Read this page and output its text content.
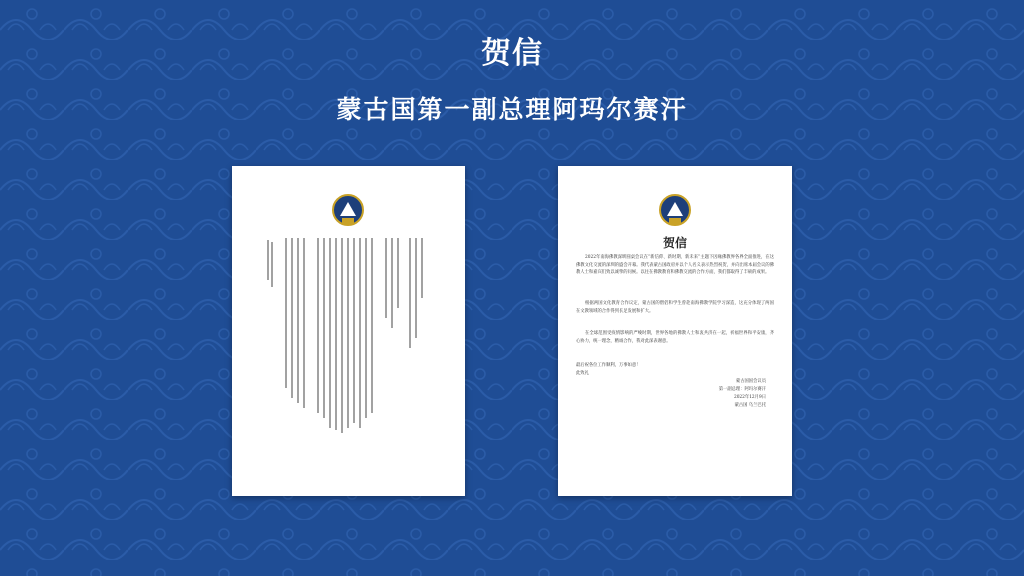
贺信
蒙古国第一副总理阿玛尔赛汗
贺信
2022年南海佛教深圳圆桌会议在“新信仰、新时期、新未来”主题下因缘佛教界各界全面推进，在这佛教文化交流的深圳的盛会开幕。我代表蒙古国政府并以个人名义表示热烈祝贺，并向出席本届会议的佛教人士和嘉宾们致以诚挚的问候。以往在佛教教育和佛教交流的合作方面，我们都取得了丰硕的成果。
根据两国文化教育合作议定，蒙古国的僧侣和学生曾赴南海佛教学院学习深造，这充分体现了两国在文教领域的合作得到长足发展和扩大。
在全球范围受疫情影响的严峻时期，世界各地的佛教人士和衷共济在一起，祈福世界和平安康，齐心协力，统一理念，精诚合作，我对此深表谢意。
最后祝各位工作顺利，万事如意！
此致礼
蒙古国国会议员
第一副总理：阿玛尔赛汗
2022年12月9日
蒙古国 乌兰巴托
